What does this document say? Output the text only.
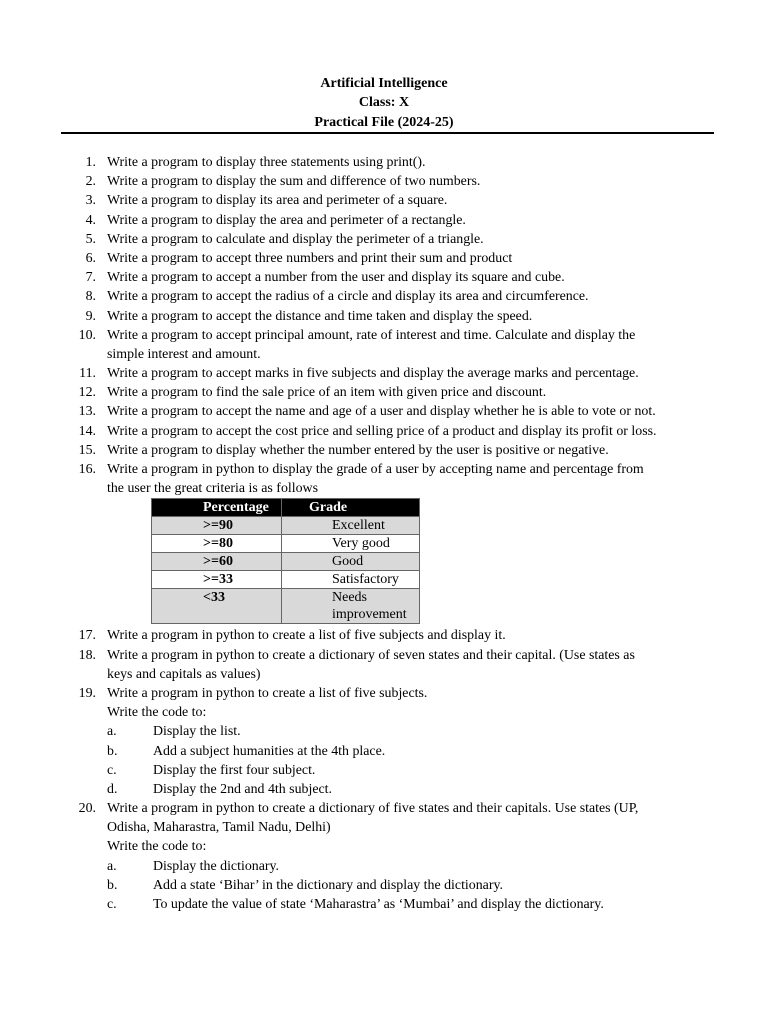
Artificial Intelligence
Class: X
Practical File (2024-25)
1. Write a program to display three statements using print().
2. Write a program to display the sum and difference of two numbers.
3. Write a program to display its area and perimeter of a square.
4. Write a program to display the area and perimeter of a rectangle.
5. Write a program to calculate and display the perimeter of a triangle.
6. Write a program to accept three numbers and print their sum and product
7. Write a program to accept a number from the user and display its square and cube.
8. Write a program to accept the radius of a circle and display its area and circumference.
9. Write a program to accept the distance and time taken and display the speed.
10. Write a program to accept principal amount, rate of interest and time. Calculate and display the
simple interest and amount.
11. Write a program to accept marks in five subjects and display the average marks and percentage.
12. Write a program to find the sale price of an item with given price and discount.
13. Write a program to accept the name and age of a user and display whether he is able to vote or not.
14. Write a program to accept the cost price and selling price of a product and display its profit or loss.
15. Write a program to display whether the number entered by the user is positive or negative.
16. Write a program in python to display the grade of a user by accepting name and percentage from
the user the great criteria is as follows
Percentage	Grade
>=90	Excellent
>=80	Very good
>=60	Good
>=33	Satisfactory
<33	Needs
improvement
17. Write a program in python to create a list of five subjects and display it.
18. Write a program in python to create a dictionary of seven states and their capital. (Use states as
keys and capitals as values)
19. Write a program in python to create a list of five subjects.
Write the code to:
a.	Display the list.
b.	Add a subject humanities at the 4th place.
c.	Display the first four subject.
d.	Display the 2nd and 4th subject.
20. Write a program in python to create a dictionary of five states and their capitals. Use states (UP,
Odisha, Maharastra, Tamil Nadu, Delhi)
Write the code to:
a.	Display the dictionary.
b.	Add a state ‘Bihar’ in the dictionary and display the dictionary.
c.	To update the value of state ‘Maharastra’ as ‘Mumbai’ and display the dictionary.
